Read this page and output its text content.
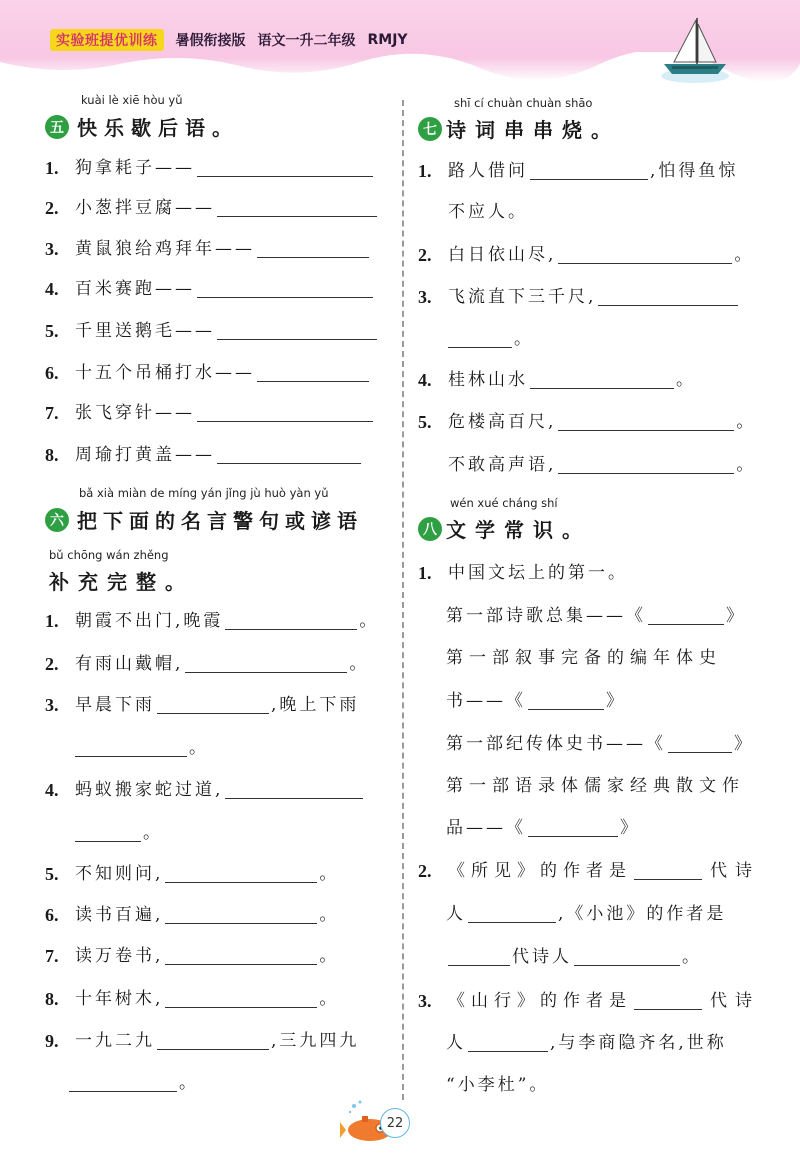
实验班提优训练	暑假衔接版 语文一升二年级 RMJY
kuài lè xiē hòu yǔ
五 快乐歇后语。
1. 狗拿耗子——
2. 小葱拌豆腐——
3. 黄鼠狼给鸡拜年——
4. 百米赛跑——
5. 千里送鹅毛——
6. 十五个吊桶打水——
7. 张飞穿针——
8. 周瑜打黄盖——
bǎ xià miàn de míng yán jǐng jù huò yàn yǔ
六 把下面的名言警句或谚语
bǔ chōng wán zhěng
补充完整。
1. 朝霞不出门,晚霞	。
2. 有雨山戴帽,	。
3. 早晨下雨	,晚上下雨
。
4. 蚂蚁搬家蛇过道,
。
5. 不知则问,	。
6. 读书百遍,	。
7. 读万卷书,	。
8. 十年树木,	。
9. 一九二九	,三九四九
。
shī cí chuàn chuàn shāo
七 诗词串串烧。
1. 路人借问	,怕得鱼惊
不应人。
2. 白日依山尽,	。
3. 飞流直下三千尺,
。
4. 桂林山水	。
5. 危楼高百尺,	。
不敢高声语,	。
wén xué cháng shí
八 文学常识。
1. 中国文坛上的第一。
第一部诗歌总集——《	》
第一部叙事完备的编年体史
书——《	》
第一部纪传体史书——《	》
第一部语录体儒家经典散文作
品——《	》
2. 《所见》的作者是	代诗
人	,《小池》的作者是
代诗人	。
3. 《山行》的作者是	代诗
人	,与李商隐齐名,世称
“小李杜”。
22
